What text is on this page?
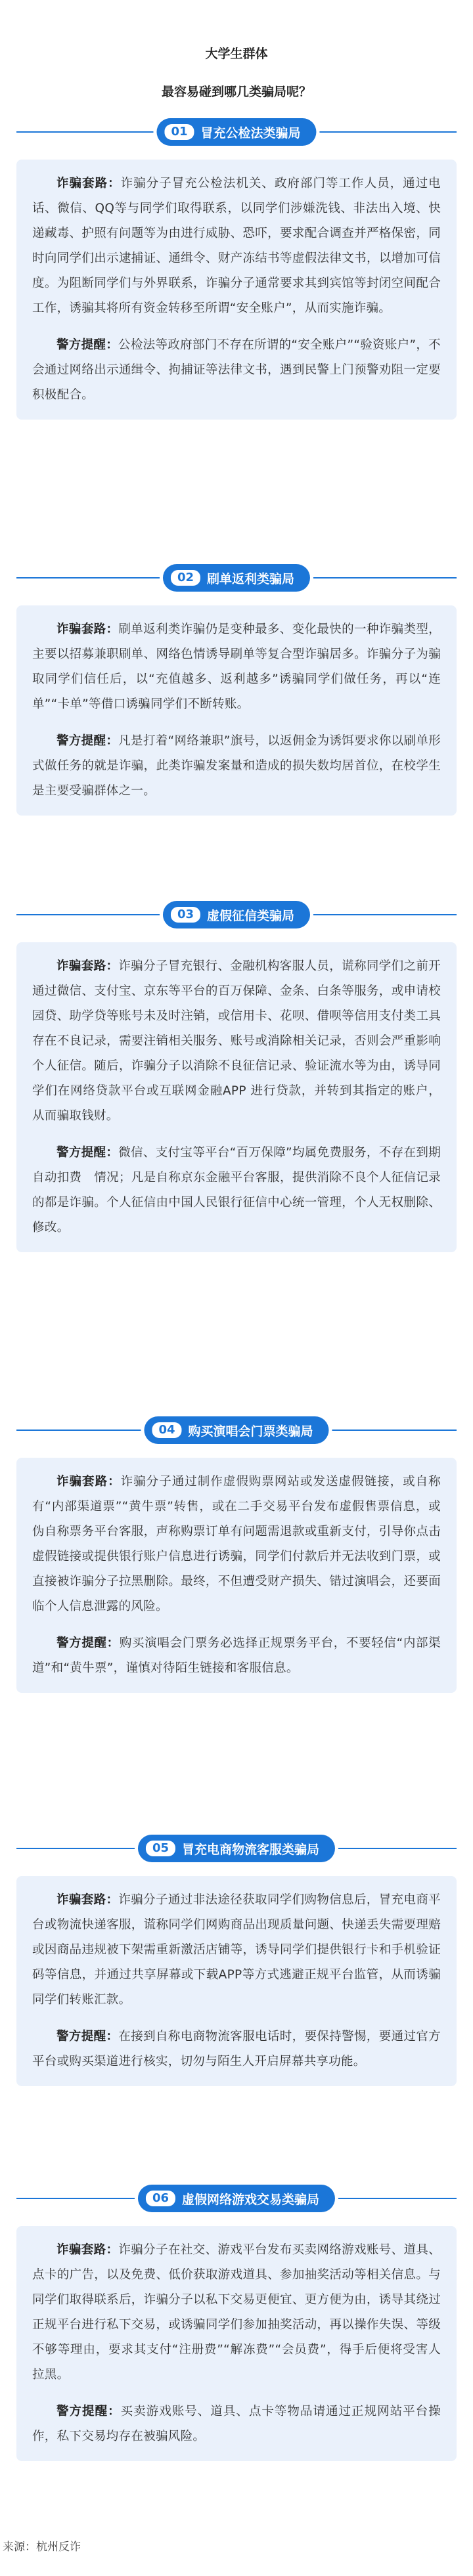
大学生群体
最容易碰到哪几类骗局呢？
01	冒充公检法类骗局

诈骗套路：诈骗分子冒充公检法机关、政府部门等工作人员，通过电话、微信、QQ等与同学们取得联系，以同学们涉嫌洗钱、非法出入境、快递藏毒、护照有问题等为由进行威胁、恐吓，要求配合调查并严格保密，同时向同学们出示逮捕证、通缉令、财产冻结书等虚假法律文书，以增加可信度。为阻断同学们与外界联系，诈骗分子通常要求其到宾馆等封闭空间配合工作，诱骗其将所有资金转移至所谓“安全账户”，从而实施诈骗。

警方提醒：公检法等政府部门不存在所谓的“安全账户”“验资账户”，不会通过网络出示通缉令、拘捕证等法律文书，遇到民警上门预警劝阻一定要积极配合。

02	刷单返利类骗局

诈骗套路：刷单返利类诈骗仍是变种最多、变化最快的一种诈骗类型，主要以招募兼职刷单、网络色情诱导刷单等复合型诈骗居多。诈骗分子为骗取同学们信任后，以“充值越多、返利越多”诱骗同学们做任务，再以“连单”“卡单”等借口诱骗同学们不断转账。

警方提醒：凡是打着“网络兼职”旗号，以返佣金为诱饵要求你以刷单形式做任务的就是诈骗，此类诈骗发案量和造成的损失数均居首位，在校学生是主要受骗群体之一。

03	虚假征信类骗局

诈骗套路：诈骗分子冒充银行、金融机构客服人员，谎称同学们之前开通过微信、支付宝、京东等平台的百万保障、金条、白条等服务，或申请校园贷、助学贷等账号未及时注销，或信用卡、花呗、借呗等信用支付类工具存在不良记录，需要注销相关服务、账号或消除相关记录，否则会严重影响个人征信。随后，诈骗分子以消除不良征信记录、验证流水等为由，诱导同学们在网络贷款平台或互联网金融APP 进行贷款，并转到其指定的账户，从而骗取钱财。

警方提醒：微信、支付宝等平台“百万保障”均属免费服务，不存在到期自动扣费　情况；凡是自称京东金融平台客服，提供消除不良个人征信记录的都是诈骗。个人征信由中国人民银行征信中心统一管理，个人无权删除、修改。

04	购买演唱会门票类骗局

诈骗套路：诈骗分子通过制作虚假购票网站或发送虚假链接，或自称有“内部渠道票”“黄牛票”转售，或在二手交易平台发布虚假售票信息，或伪自称票务平台客服，声称购票订单有问题需退款或重新支付，引导你点击虚假链接或提供银行账户信息进行诱骗，同学们付款后并无法收到门票，或直接被诈骗分子拉黑删除。最终，不但遭受财产损失、错过演唱会，还要面临个人信息泄露的风险。

警方提醒：购买演唱会门票务必选择正规票务平台，不要轻信“内部渠道”和“黄牛票”，谨慎对待陌生链接和客服信息。

05	冒充电商物流客服类骗局

诈骗套路：诈骗分子通过非法途径获取同学们购物信息后，冒充电商平台或物流快递客服，谎称同学们网购商品出现质量问题、快递丢失需要理赔或因商品违规被下架需重新激活店铺等，诱导同学们提供银行卡和手机验证码等信息，并通过共享屏幕或下载APP等方式逃避正规平台监管，从而诱骗同学们转账汇款。

警方提醒：在接到自称电商物流客服电话时，要保持警惕，要通过官方平台或购买渠道进行核实，切勿与陌生人开启屏幕共享功能。

06	虚假网络游戏交易类骗局

诈骗套路：诈骗分子在社交、游戏平台发布买卖网络游戏账号、道具、点卡的广告，以及免费、低价获取游戏道具、参加抽奖活动等相关信息。与同学们取得联系后，诈骗分子以私下交易更便宜、更方便为由，诱导其绕过正规平台进行私下交易，或诱骗同学们参加抽奖活动，再以操作失误、等级不够等理由，要求其支付“注册费”“解冻费”“会员费”，得手后便将受害人拉黑。

警方提醒：买卖游戏账号、道具、点卡等物品请通过正规网站平台操作，私下交易均存在被骗风险。

来源：杭州反诈
